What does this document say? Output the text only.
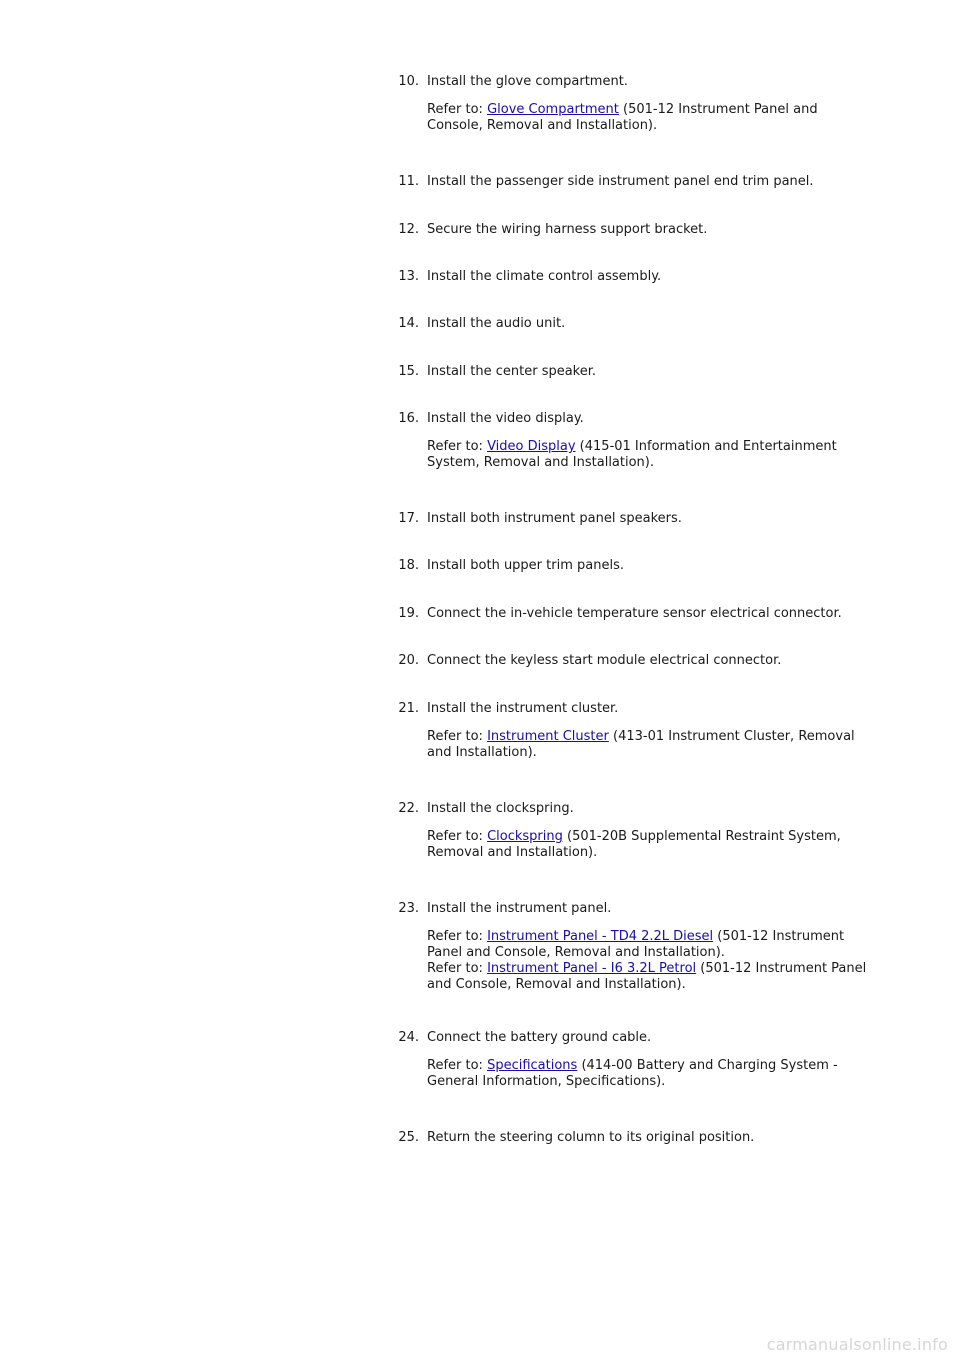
10. Install the glove compartment.

Refer to: Glove Compartment (501-12 Instrument Panel and

Console, Removal and Installation).

11. Install the passenger side instrument panel end trim panel.

12. Secure the wiring harness support bracket.

13. Install the climate control assembly.

14. Install the audio unit.

15. Install the center speaker.

16. Install the video display.

Refer to: Video Display (415-01 Information and Entertainment

System, Removal and Installation).

17. Install both instrument panel speakers.

18. Install both upper trim panels.

19. Connect the in-vehicle temperature sensor electrical connector.

20. Connect the keyless start module electrical connector.

21. Install the instrument cluster.

Refer to: Instrument Cluster (413-01 Instrument Cluster, Removal

and Installation).

22. Install the clockspring.

Refer to: Clockspring (501-20B Supplemental Restraint System,

Removal and Installation).

23. Install the instrument panel.

Refer to: Instrument Panel - TD4 2.2L Diesel (501-12 Instrument

Panel and Console, Removal and Installation).

Refer to: Instrument Panel - I6 3.2L Petrol (501-12 Instrument Panel

and Console, Removal and Installation).

24. Connect the battery ground cable.

Refer to: Specifications (414-00 Battery and Charging System -

General Information, Specifications).

25. Return the steering column to its original position.

carmanualsonline.info
